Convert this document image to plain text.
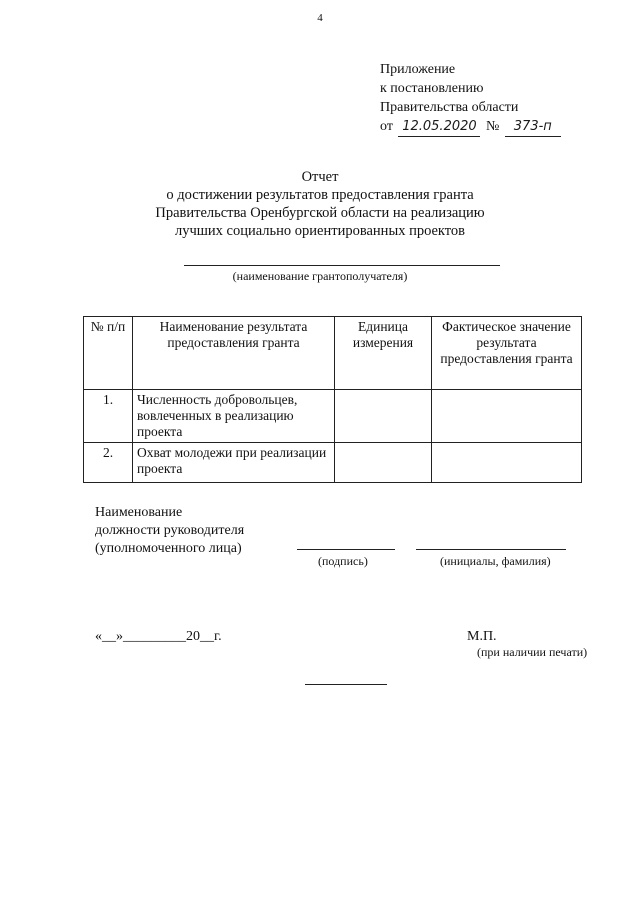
4
Приложение
к постановлению
Правительства области
от 12.05.2020 № 373-п
Отчет
о достижении результатов предоставления гранта
Правительства Оренбургской области на реализацию
лучших социально ориентированных проектов
(наименование грантополучателя)
№ п/п	Наименование результата предоставления гранта	Единица измерения	Фактическое значение результата предоставления гранта
1.	Численность добровольцев, вовлеченных в реализацию проекта		
2.	Охват молодежи при реализации проекта		
Наименование
должности руководителя
(уполномоченного лица)
(подпись)	(инициалы, фамилия)
«__»_________20__г.	М.П.
(при наличии печати)
